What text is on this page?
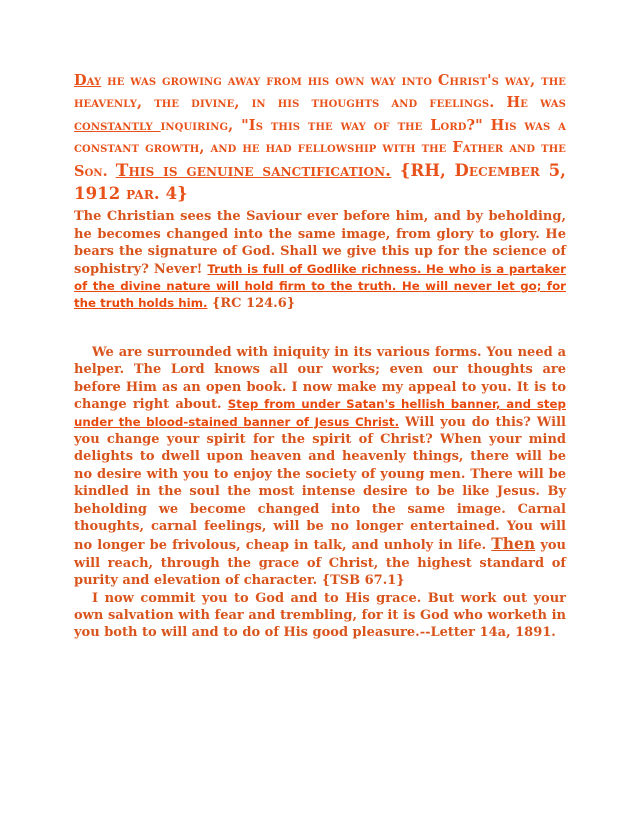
Day he was growing away from his own way into Christ's way, the heavenly, the divine, in his thoughts and feelings. He was constantly inquiring, "Is this the way of the Lord?" His was a constant growth, and he had fellowship with the Father and the Son. This is genuine sanctification. {RH, December 5, 1912 par. 4}

The Christian sees the Saviour ever before him, and by beholding, he becomes changed into the same image, from glory to glory. He bears the signature of God. Shall we give this up for the science of sophistry? Never! Truth is full of Godlike richness. He who is a partaker of the divine nature will hold firm to the truth. He will never let go; for the truth holds him. {RC 124.6}

We are surrounded with iniquity in its various forms. You need a helper. The Lord knows all our works; even our thoughts are before Him as an open book. I now make my appeal to you. It is to change right about. Step from under Satan's hellish banner, and step under the blood-stained banner of Jesus Christ. Will you do this? Will you change your spirit for the spirit of Christ? When your mind delights to dwell upon heaven and heavenly things, there will be no desire with you to enjoy the society of young men. There will be kindled in the soul the most intense desire to be like Jesus. By beholding we become changed into the same image. Carnal thoughts, carnal feelings, will be no longer entertained. You will no longer be frivolous, cheap in talk, and unholy in life. Then you will reach, through the grace of Christ, the highest standard of purity and elevation of character. {TSB 67.1}

I now commit you to God and to His grace. But work out your own salvation with fear and trembling, for it is God who worketh in you both to will and to do of His good pleasure.--Letter 14a, 1891.
